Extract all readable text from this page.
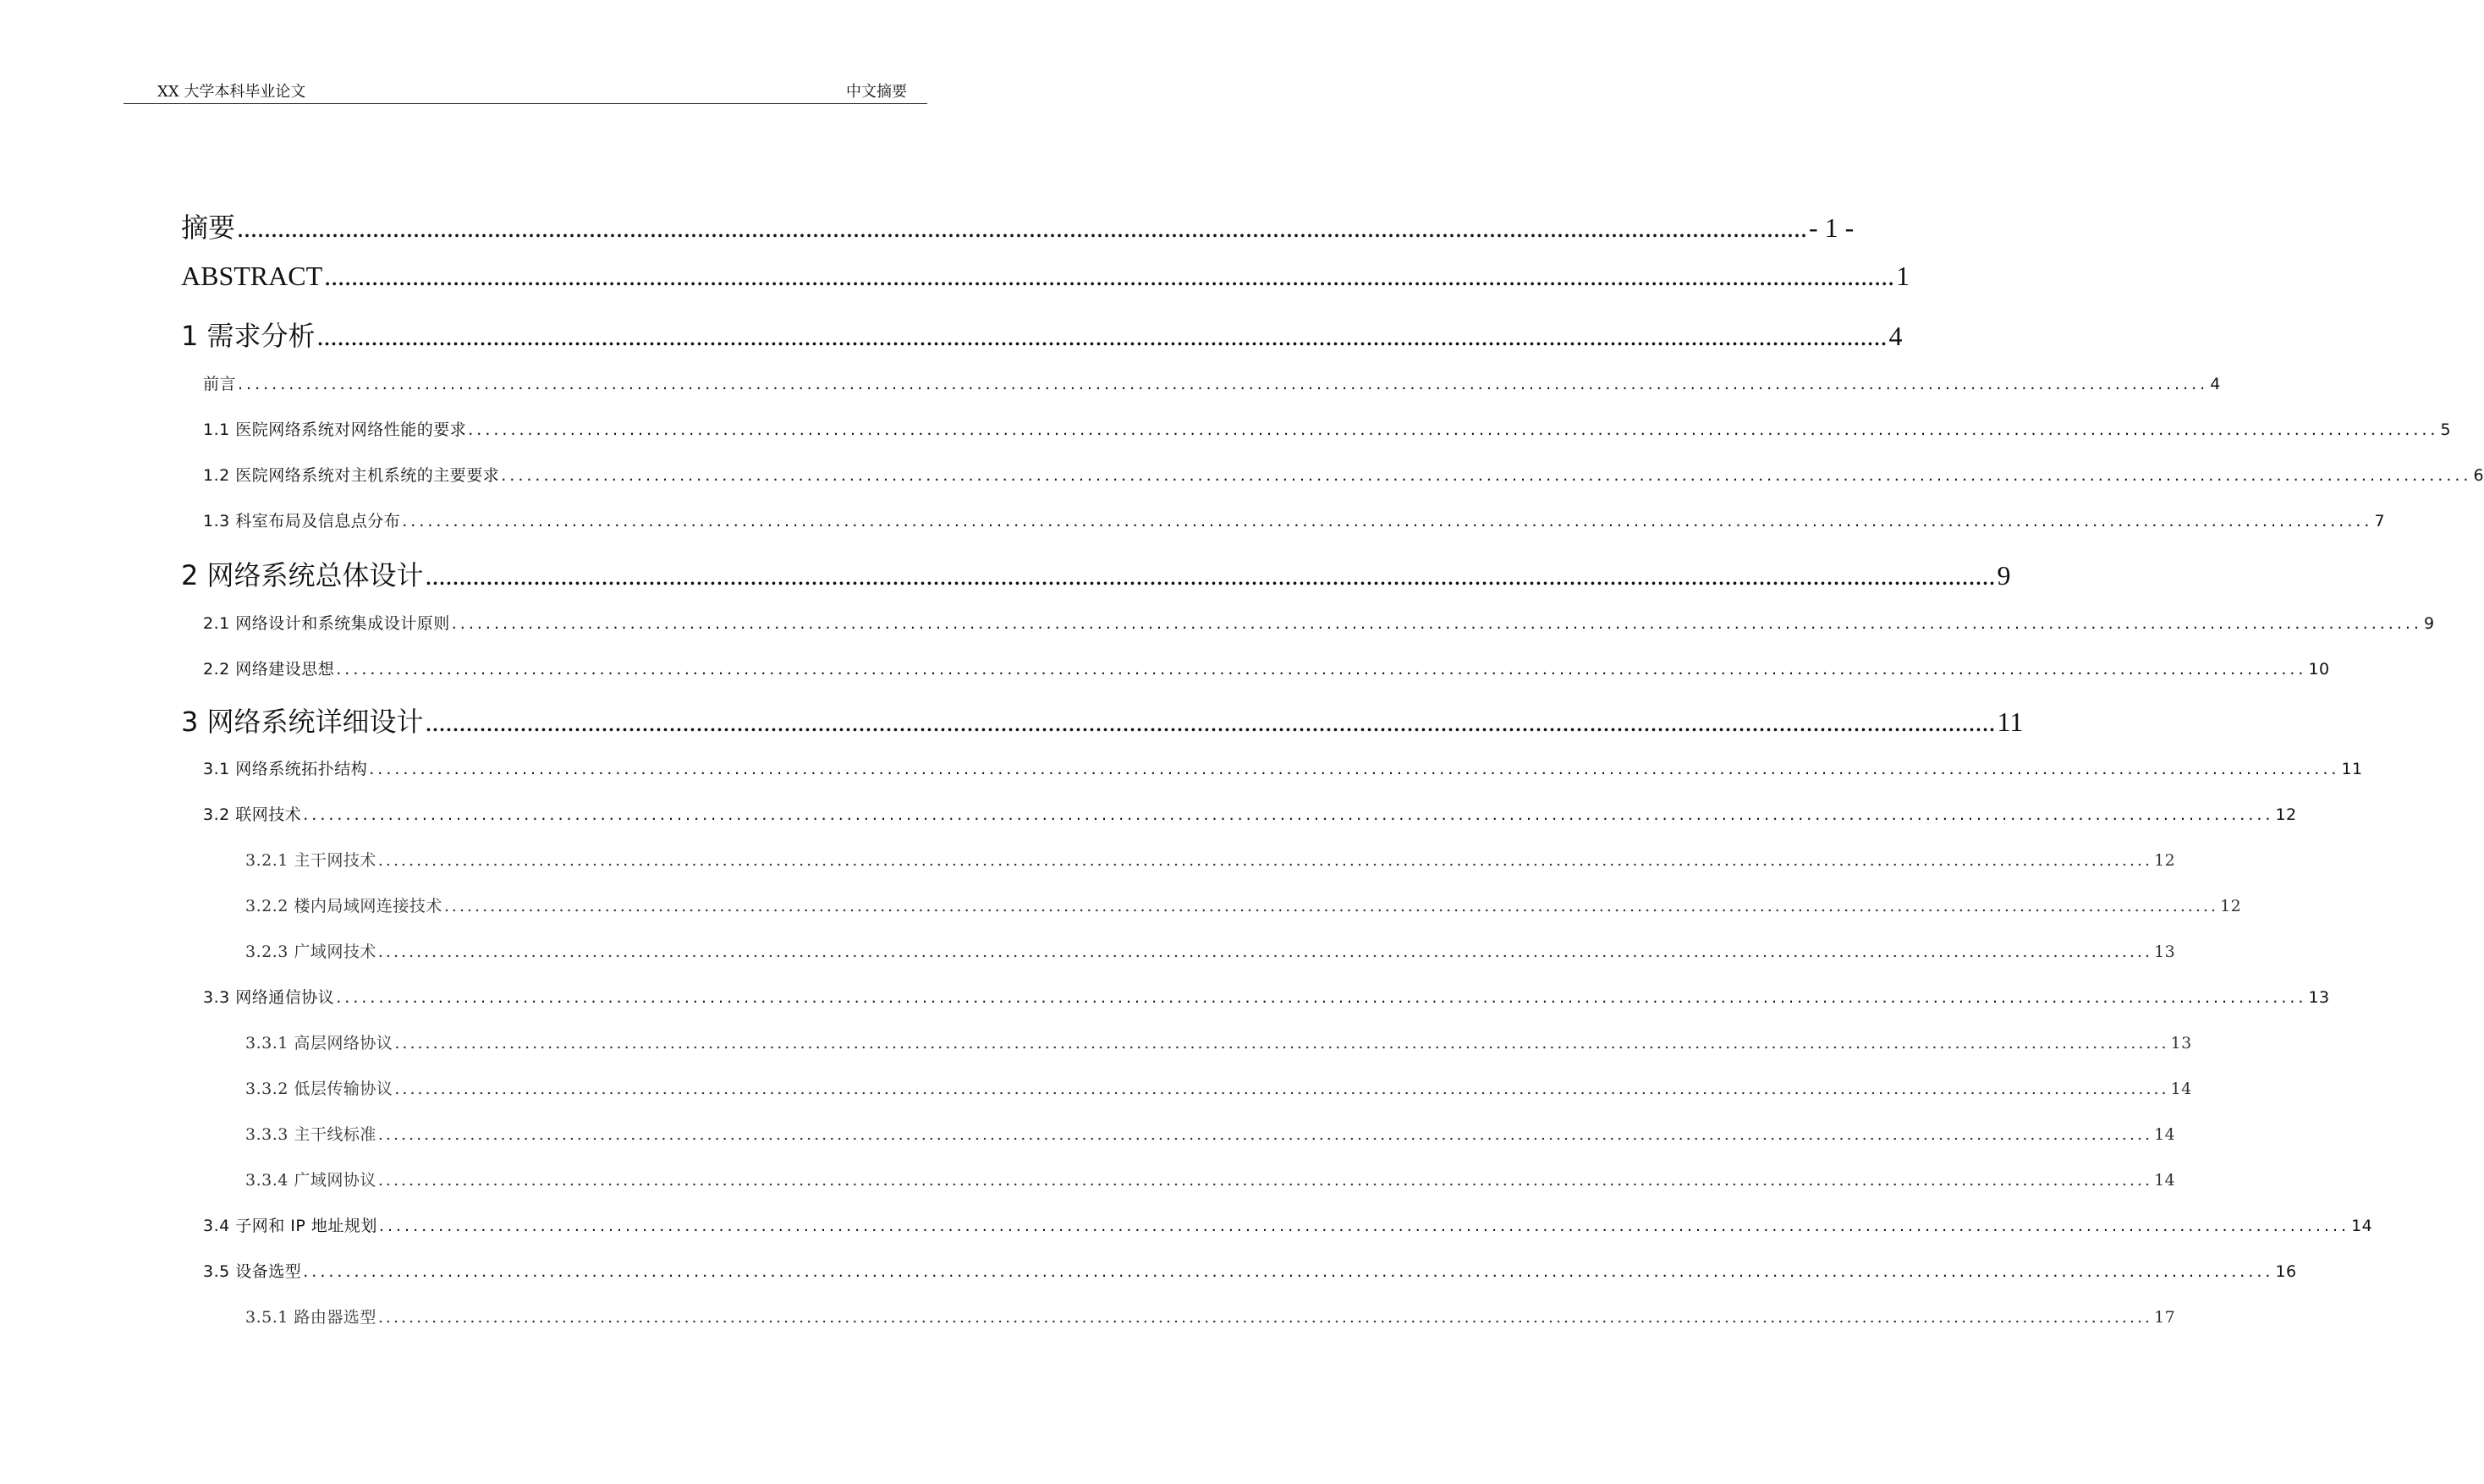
XX 大学本科毕业论文	中文摘要
摘要 ........................................................................................................................................................................................................................................ - 1 -
ABSTRACT ........................................................................................................................................................................................................................................ 1
1 需求分析 ........................................................................................................................................................................................................................................ 4
前言 ........................................................................................................................................................................................................................................ 4
1.1 医院网络系统对网络性能的要求 ........................................................................................................................................................................................................................................ 5
1.2 医院网络系统对主机系统的主要要求 ........................................................................................................................................................................................................................................ 6
1.3 科室布局及信息点分布 ........................................................................................................................................................................................................................................ 7
2 网络系统总体设计 ........................................................................................................................................................................................................................................ 9
2.1 网络设计和系统集成设计原则 ........................................................................................................................................................................................................................................ 9
2.2 网络建设思想 ........................................................................................................................................................................................................................................ 10
3 网络系统详细设计 ........................................................................................................................................................................................................................................ 11
3.1 网络系统拓扑结构 ........................................................................................................................................................................................................................................ 11
3.2 联网技术 ........................................................................................................................................................................................................................................ 12
3.2.1 主干网技术 ........................................................................................................................................................................................................................................ 12
3.2.2 楼内局域网连接技术 ........................................................................................................................................................................................................................................ 12
3.2.3 广域网技术 ........................................................................................................................................................................................................................................ 13
3.3 网络通信协议 ........................................................................................................................................................................................................................................ 13
3.3.1 高层网络协议 ........................................................................................................................................................................................................................................ 13
3.3.2 低层传输协议 ........................................................................................................................................................................................................................................ 14
3.3.3 主干线标准 ........................................................................................................................................................................................................................................ 14
3.3.4 广域网协议 ........................................................................................................................................................................................................................................ 14
3.4 子网和 IP 地址规划 ........................................................................................................................................................................................................................................ 14
3.5 设备选型 ........................................................................................................................................................................................................................................ 16
3.5.1 路由器选型 ........................................................................................................................................................................................................................................ 17
